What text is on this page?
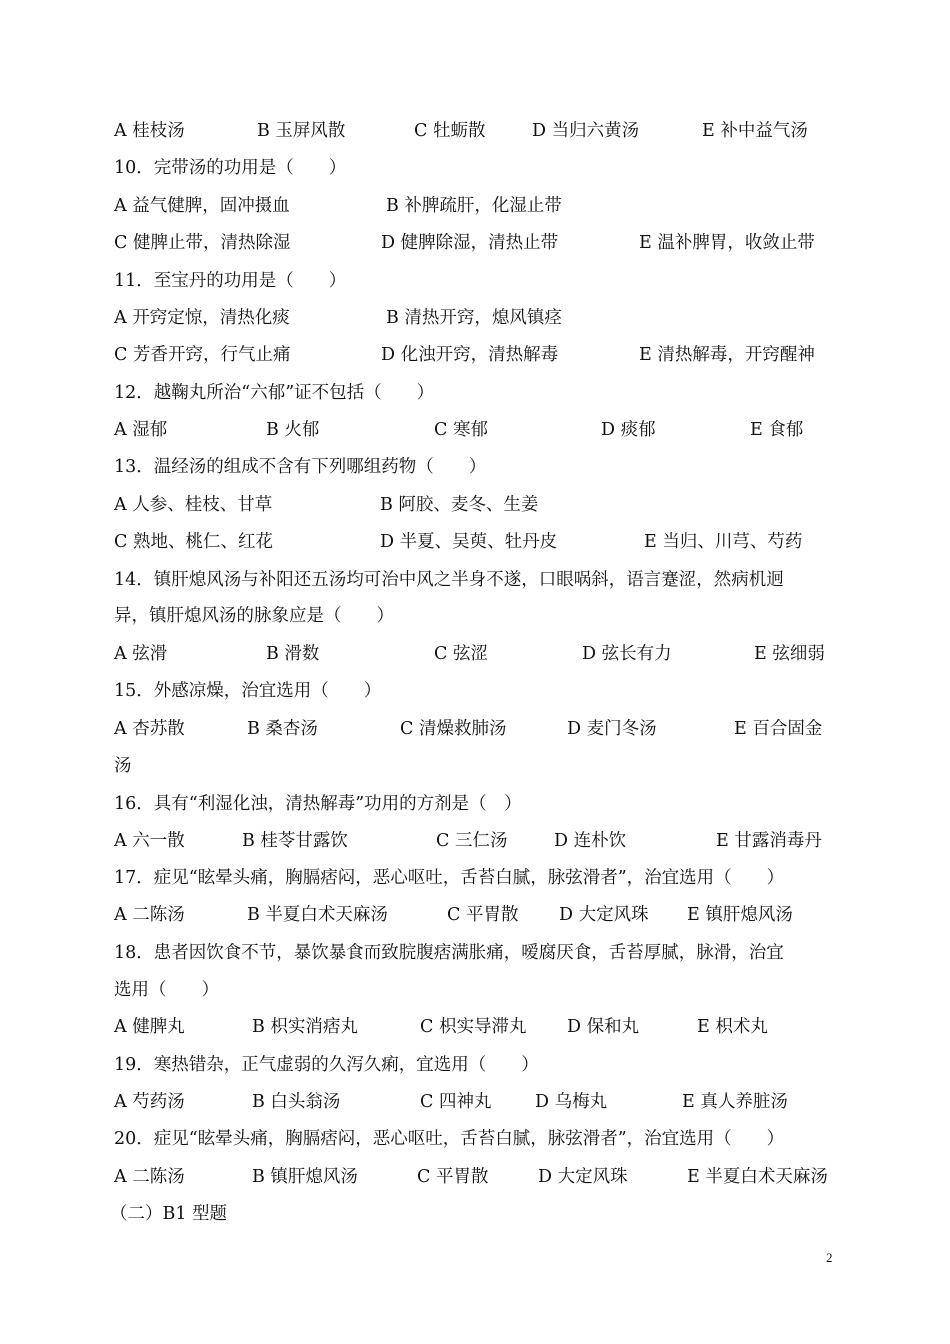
A 桂枝汤	B 玉屏风散	C 牡蛎散	D 当归六黄汤	E 补中益气汤
10．完带汤的功用是（　　）
A 益气健脾，固冲摄血	B 补脾疏肝，化湿止带
C 健脾止带，清热除湿	D 健脾除湿，清热止带	E 温补脾胃，收敛止带
11．至宝丹的功用是（　　）
A 开窍定惊，清热化痰	B 清热开窍，熄风镇痉
C 芳香开窍，行气止痛	D 化浊开窍，清热解毒	E 清热解毒，开窍醒神
12．越鞠丸所治“六郁”证不包括（　　）
A 湿郁	B 火郁	C 寒郁	D 痰郁	E 食郁
13．温经汤的组成不含有下列哪组药物（　　）
A 人参、桂枝、甘草	B 阿胶、麦冬、生姜
C 熟地、桃仁、红花	D 半夏、吴萸、牡丹皮	E 当归、川芎、芍药
14．镇肝熄风汤与补阳还五汤均可治中风之半身不遂，口眼㖞斜，语言蹇涩，然病机迥
异，镇肝熄风汤的脉象应是（　　）
A 弦滑	B 滑数	C 弦涩	D 弦长有力	E 弦细弱
15．外感凉燥，治宜选用（　　）
A 杏苏散	B 桑杏汤	C 清燥救肺汤	D 麦门冬汤	E 百合固金
汤
16．具有“利湿化浊，清热解毒”功用的方剂是（　）
A 六一散	B 桂苓甘露饮	C 三仁汤	D 连朴饮	E 甘露消毒丹
17．症见“眩晕头痛，胸膈痞闷，恶心呕吐，舌苔白腻，脉弦滑者”，治宜选用（　　）
A 二陈汤	B 半夏白术天麻汤	C 平胃散 D 大定风珠 E 镇肝熄风汤
18．患者因饮食不节，暴饮暴食而致脘腹痞满胀痛，嗳腐厌食，舌苔厚腻，脉滑，治宜
选用（　　）
A 健脾丸	B 枳实消痞丸	C 枳实导滞丸 D 保和丸	E 枳术丸
19．寒热错杂，正气虚弱的久泻久痢，宜选用（　　）
A 芍药汤	B 白头翁汤	C 四神丸 D 乌梅丸	E 真人养脏汤
20．症见“眩晕头痛，胸膈痞闷，恶心呕吐，舌苔白腻，脉弦滑者”，治宜选用（　　）
A 二陈汤	B 镇肝熄风汤	C 平胃散	D 大定风珠	E 半夏白术天麻汤
（二）B1 型题
2
